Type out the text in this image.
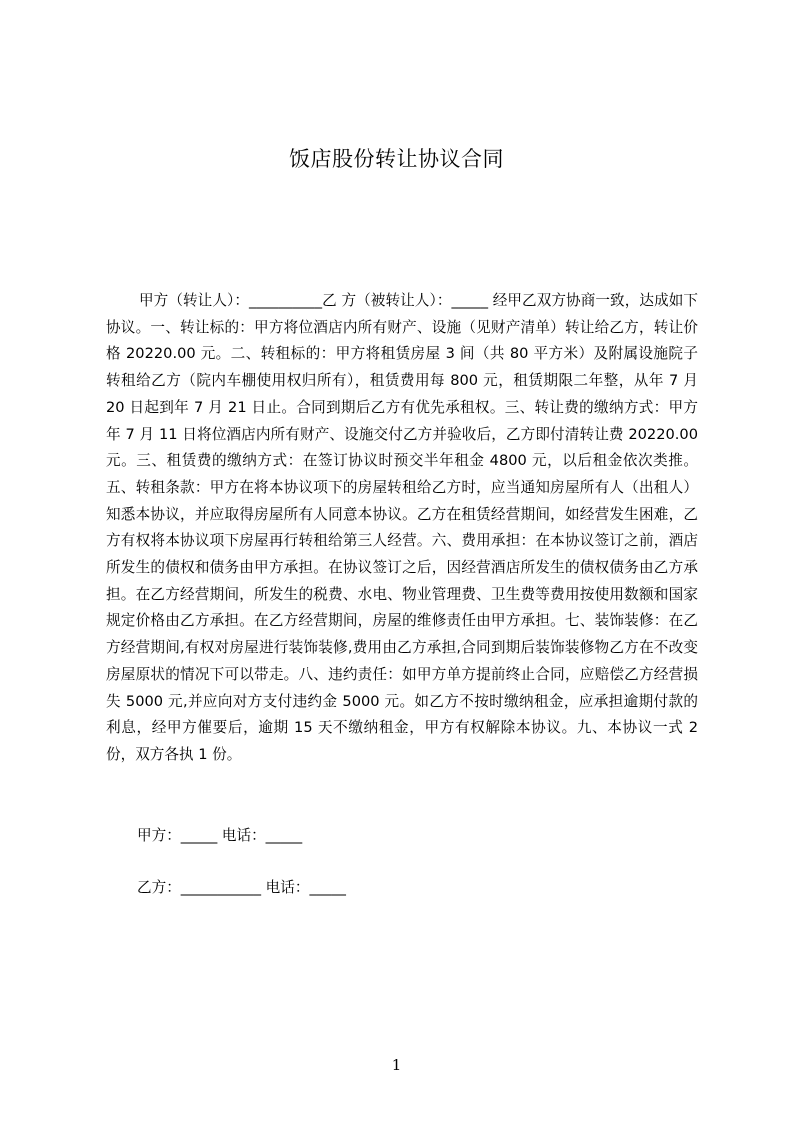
饭店股份转让协议合同

甲方（转让人）：__________乙 方（被转让人）：_____ 经甲乙双方协商一致，达成如下协议。一、转让标的：甲方将位酒店内所有财产、设施（见财产清单）转让给乙方，转让价格 20220.00 元。二、转租标的：甲方将租赁房屋 3 间（共 80 平方米）及附属设施院子转租给乙方（院内车棚使用权归所有），租赁费用每 800 元，租赁期限二年整，从年 7 月 20 日起到年 7 月 21 日止。合同到期后乙方有优先承租权。三、转让费的缴纳方式：甲方年 7 月 11 日将位酒店内所有财产、设施交付乙方并验收后，乙方即付清转让费 20220.00 元。三、租赁费的缴纳方式：在签订协议时预交半年租金 4800 元，以后租金依次类推。五、转租条款：甲方在将本协议项下的房屋转租给乙方时，应当通知房屋所有人（出租人）知悉本协议，并应取得房屋所有人同意本协议。乙方在租赁经营期间，如经营发生困难，乙方有权将本协议项下房屋再行转租给第三人经营。六、费用承担：在本协议签订之前，酒店所发生的债权和债务由甲方承担。在协议签订之后，因经营酒店所发生的债权债务由乙方承担。在乙方经营期间，所发生的税费、水电、物业管理费、卫生费等费用按使用数额和国家规定价格由乙方承担。在乙方经营期间，房屋的维修责任由甲方承担。七、装饰装修：在乙方经营期间,有权对房屋进行装饰装修,费用由乙方承担,合同到期后装饰装修物乙方在不改变房屋原状的情况下可以带走。八、违约责任：如甲方单方提前终止合同，应赔偿乙方经营损失 5000 元,并应向对方支付违约金 5000 元。如乙方不按时缴纳租金，应承担逾期付款的利息，经甲方催要后，逾期 15 天不缴纳租金，甲方有权解除本协议。九、本协议一式 2 份，双方各执 1 份。

甲方：_____ 电话：_____
乙方：___________ 电话：_____
1
